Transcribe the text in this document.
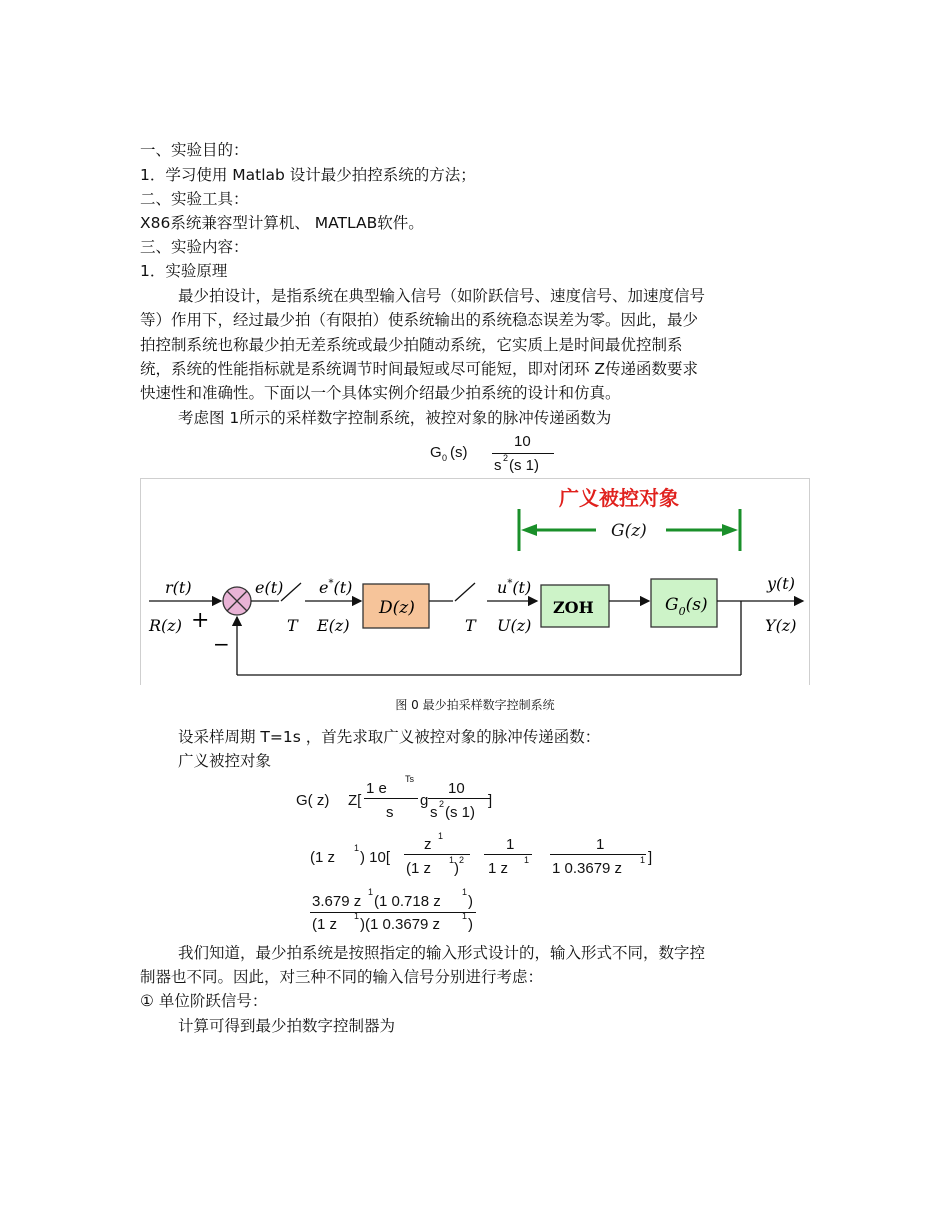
一、实验目的：
1．学习使用 Matlab 设计最少拍控系统的方法；
二、实验工具：
X86系统兼容型计算机、 MATLAB软件。
三、实验内容：
1．实验原理
最少拍设计，是指系统在典型输入信号（如阶跃信号、速度信号、加速度信号
等）作用下，经过最少拍（有限拍）使系统输出的系统稳态误差为零。因此，最少
拍控制系统也称最少拍无差系统或最少拍随动系统，它实质上是时间最优控制系
统，系统的性能指标就是系统调节时间最短或尽可能短，即对闭环 Z传递函数要求
快速性和准确性。下面以一个具体实例介绍最少拍系统的设计和仿真。
考虑图 1所示的采样数字控制系统，被控对象的脉冲传递函数为
G 0 (s)
10
s 2 (s 1)
广义被控对象
G(z)
r(t)
R(z) +
e(t)
T
e*(t)
E(z)
D(z)
T
u*(t)
U(z)
ZOH	$G_0(s)$
y(t)
Y(z)
−
图 0 最少拍采样数字控制系统
设采样周期 T=1s ，首先求取广义被控对象的脉冲传递函数：
广义被控对象
G( z) Z[
1 e
Ts
s
g
10
s 2 (s 1)
]
(1 z
1
) 10[
z 1
(1 z 1 ) 2
1
1 z 1
1
1 0.3679 z 1 ]
3.679 z
1
(1 0.718 z
1
)
(1 z 1 )(1 0.3679 z 1 )
我们知道，最少拍系统是按照指定的输入形式设计的，输入形式不同，数字控
制器也不同。因此，对三种不同的输入信号分别进行考虑：
① 单位阶跃信号：
计算可得到最少拍数字控制器为
